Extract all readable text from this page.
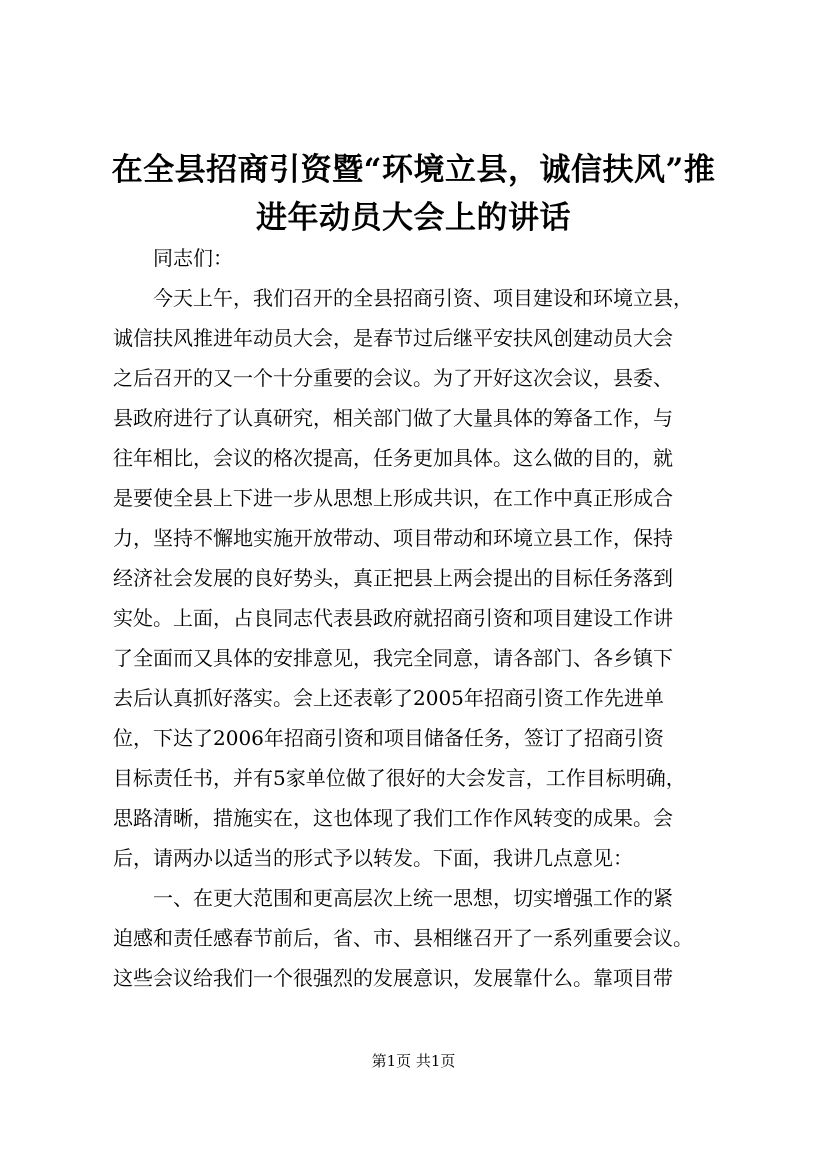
在全县招商引资暨“环境立县，诚信扶风”推
进年动员大会上的讲话
同志们：
今天上午，我们召开的全县招商引资、项目建设和环境立县，
诚信扶风推进年动员大会，是春节过后继平安扶风创建动员大会
之后召开的又一个十分重要的会议。为了开好这次会议，县委、
县政府进行了认真研究，相关部门做了大量具体的筹备工作，与
往年相比，会议的格次提高，任务更加具体。这么做的目的，就
是要使全县上下进一步从思想上形成共识，在工作中真正形成合
力，坚持不懈地实施开放带动、项目带动和环境立县工作，保持
经济社会发展的良好势头，真正把县上两会提出的目标任务落到
实处。上面，占良同志代表县政府就招商引资和项目建设工作讲
了全面而又具体的安排意见，我完全同意，请各部门、各乡镇下
去后认真抓好落实。会上还表彰了2005年招商引资工作先进单
位，下达了2006年招商引资和项目储备任务，签订了招商引资
目标责任书，并有5家单位做了很好的大会发言，工作目标明确，
思路清晰，措施实在，这也体现了我们工作作风转变的成果。会
后，请两办以适当的形式予以转发。下面，我讲几点意见：
一、在更大范围和更高层次上统一思想，切实增强工作的紧
迫感和责任感春节前后，省、市、县相继召开了一系列重要会议。
这些会议给我们一个很强烈的发展意识，发展靠什么。靠项目带
第1页 共1页
